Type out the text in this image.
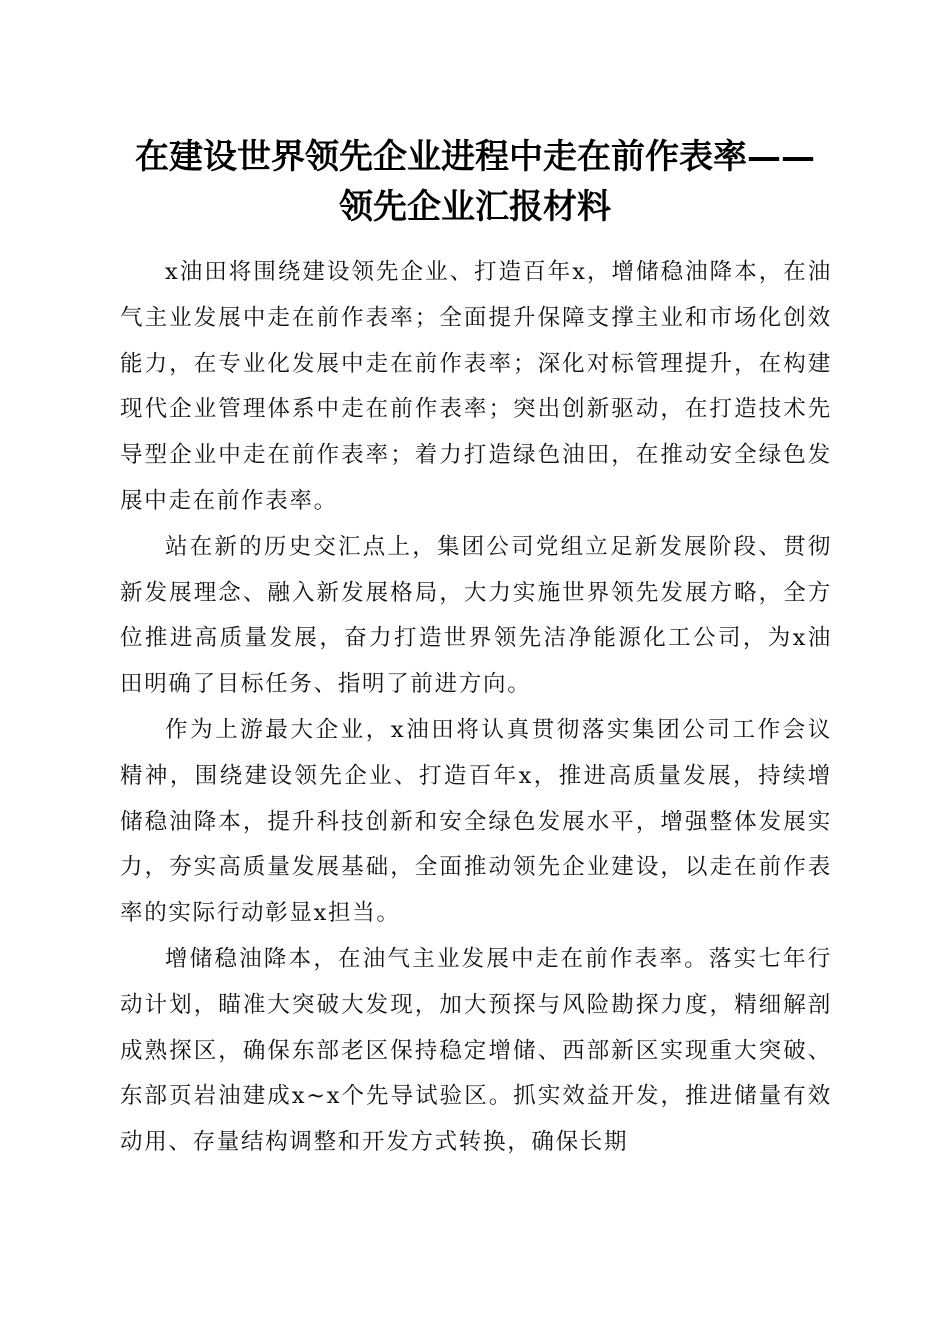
在建设世界领先企业进程中走在前作表率——
领先企业汇报材料

x油田将围绕建设领先企业、打造百年x，增储稳油降本，在油气主业发展中走在前作表率；全面提升保障支撑主业和市场化创效能力，在专业化发展中走在前作表率；深化对标管理提升，在构建现代企业管理体系中走在前作表率；突出创新驱动，在打造技术先导型企业中走在前作表率；着力打造绿色油田，在推动安全绿色发展中走在前作表率。

站在新的历史交汇点上，集团公司党组立足新发展阶段、贯彻新发展理念、融入新发展格局，大力实施世界领先发展方略，全方位推进高质量发展，奋力打造世界领先洁净能源化工公司，为x油田明确了目标任务、指明了前进方向。

作为上游最大企业，x油田将认真贯彻落实集团公司工作会议精神，围绕建设领先企业、打造百年x，推进高质量发展，持续增储稳油降本，提升科技创新和安全绿色发展水平，增强整体发展实力，夯实高质量发展基础，全面推动领先企业建设，以走在前作表率的实际行动彰显x担当。

增储稳油降本，在油气主业发展中走在前作表率。落实七年行动计划，瞄准大突破大发现，加大预探与风险勘探力度，精细解剖成熟探区，确保东部老区保持稳定增储、西部新区实现重大突破、东部页岩油建成x~x个先导试验区。抓实效益开发，推进储量有效动用、存量结构调整和开发方式转换，确保长期
